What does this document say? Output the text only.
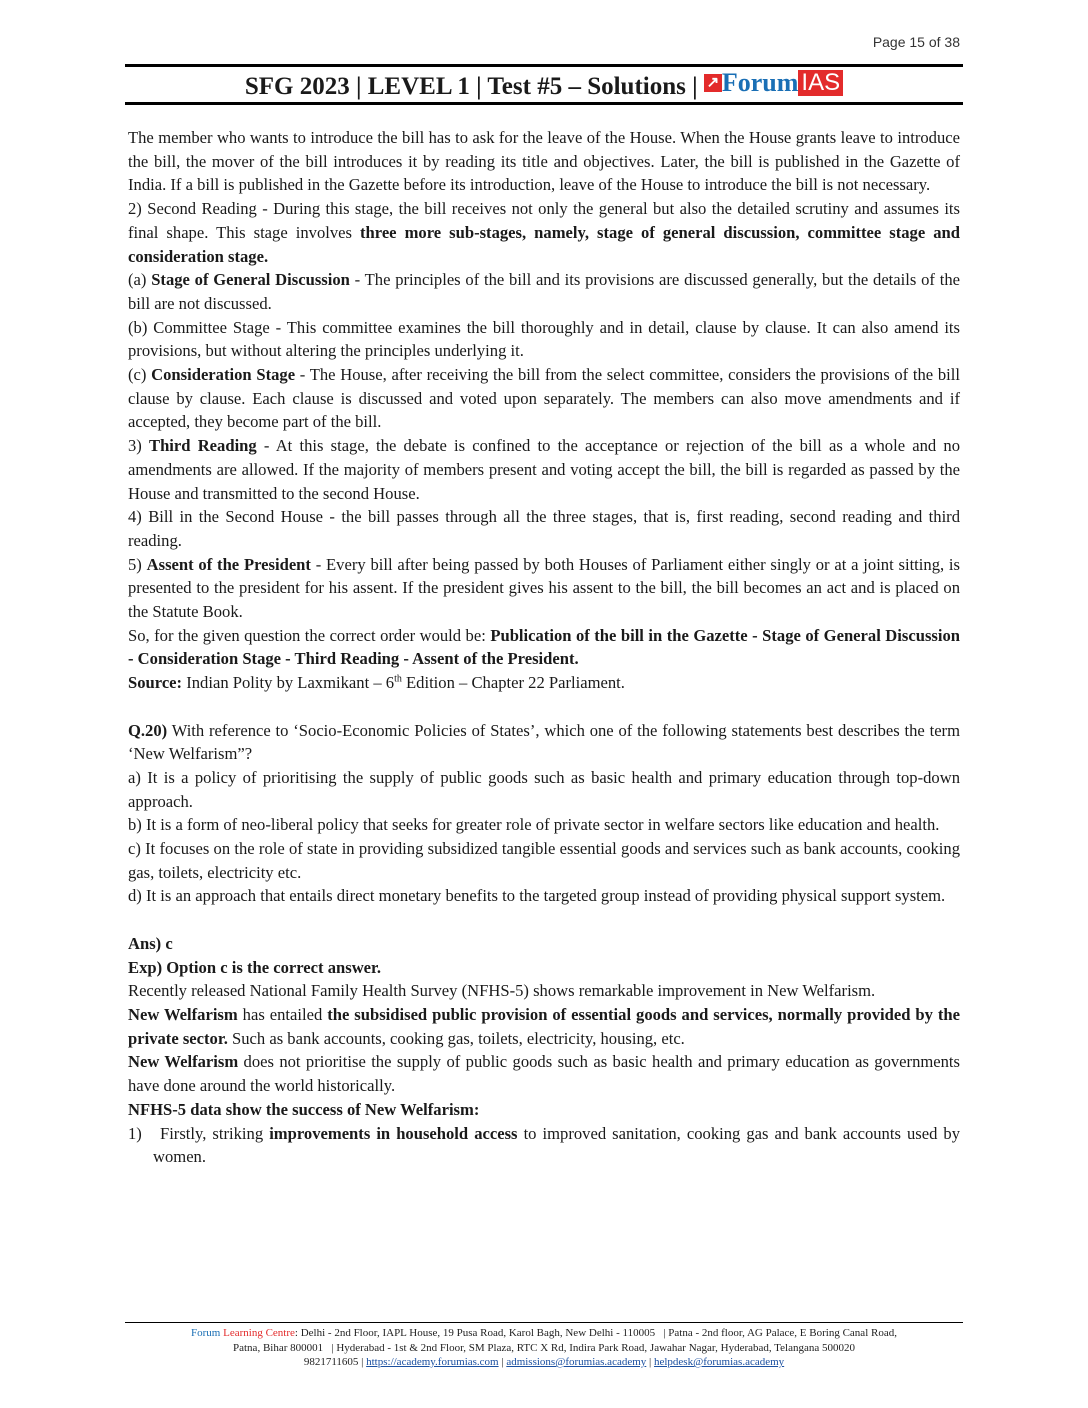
Page 15 of 38
SFG 2023 | LEVEL 1 | Test #5 – Solutions | ↗ Forum IAS

The member who wants to introduce the bill has to ask for the leave of the House. When the House grants leave to introduce the bill, the mover of the bill introduces it by reading its title and objectives. Later, the bill is published in the Gazette of India. If a bill is published in the Gazette before its introduction, leave of the House to introduce the bill is not necessary.

2) Second Reading - During this stage, the bill receives not only the general but also the detailed scrutiny and assumes its final shape. This stage involves three more sub-stages, namely, stage of general discussion, committee stage and consideration stage.

(a) Stage of General Discussion - The principles of the bill and its provisions are discussed generally, but the details of the bill are not discussed.

(b) Committee Stage - This committee examines the bill thoroughly and in detail, clause by clause. It can also amend its provisions, but without altering the principles underlying it.

(c) Consideration Stage - The House, after receiving the bill from the select committee, considers the provisions of the bill clause by clause. Each clause is discussed and voted upon separately. The members can also move amendments and if accepted, they become part of the bill.

3) Third Reading - At this stage, the debate is confined to the acceptance or rejection of the bill as a whole and no amendments are allowed. If the majority of members present and voting accept the bill, the bill is regarded as passed by the House and transmitted to the second House.

4) Bill in the Second House - the bill passes through all the three stages, that is, first reading, second reading and third reading.

5) Assent of the President - Every bill after being passed by both Houses of Parliament either singly or at a joint sitting, is presented to the president for his assent. If the president gives his assent to the bill, the bill becomes an act and is placed on the Statute Book.

So, for the given question the correct order would be: Publication of the bill in the Gazette - Stage of General Discussion - Consideration Stage - Third Reading - Assent of the President.

Source: Indian Polity by Laxmikant – 6th Edition – Chapter 22 Parliament.

Q.20) With reference to ‘Socio-Economic Policies of States’, which one of the following statements best describes the term ‘New Welfarism”?

a) It is a policy of prioritising the supply of public goods such as basic health and primary education through top-down approach.

b) It is a form of neo-liberal policy that seeks for greater role of private sector in welfare sectors like education and health.

c) It focuses on the role of state in providing subsidized tangible essential goods and services such as bank accounts, cooking gas, toilets, electricity etc.

d) It is an approach that entails direct monetary benefits to the targeted group instead of providing physical support system.

Ans) c

Exp) Option c is the correct answer.

Recently released National Family Health Survey (NFHS-5) shows remarkable improvement in New Welfarism.

New Welfarism has entailed the subsidised public provision of essential goods and services, normally provided by the private sector. Such as bank accounts, cooking gas, toilets, electricity, housing, etc.

New Welfarism does not prioritise the supply of public goods such as basic health and primary education as governments have done around the world historically.

NFHS-5 data show the success of New Welfarism:

1)   Firstly, striking improvements in household access to improved sanitation, cooking gas and bank accounts used by women.

Forum Learning Centre: Delhi - 2nd Floor, IAPL House, 19 Pusa Road, Karol Bagh, New Delhi - 110005   | Patna - 2nd floor, AG Palace, E Boring Canal Road,
Patna, Bihar 800001   | Hyderabad - 1st & 2nd Floor, SM Plaza, RTC X Rd, Indira Park Road, Jawahar Nagar, Hyderabad, Telangana 500020
9821711605 | https://academy.forumias.com | admissions@forumias.academy | helpdesk@forumias.academy
